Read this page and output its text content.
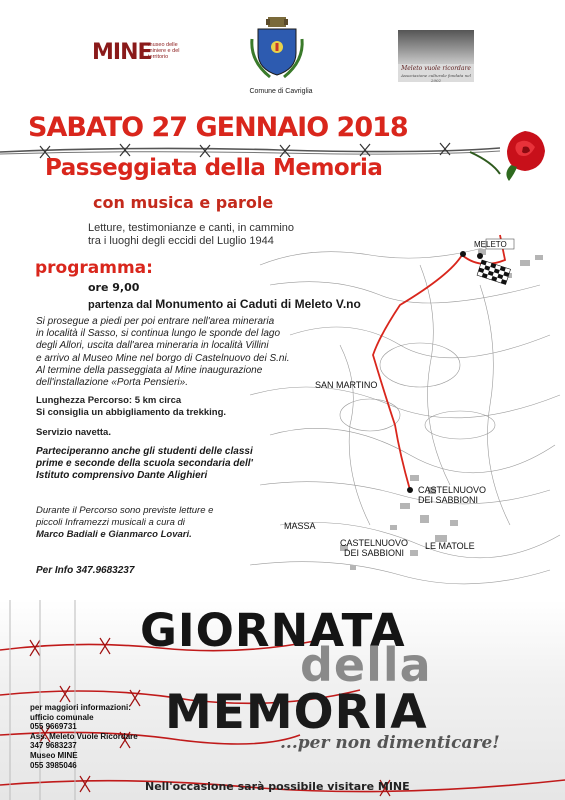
MINE
museo delle miniere e del territorio
Comune di Cavriglia
Meleto vuole ricordare
Associazione culturale fondata nel 2002
SABATO 27 GENNAIO 2018
Passeggiata della Memoria
con musica e parole
Letture, testimonianze e canti, in cammino
tra i luoghi degli eccidi del Luglio 1944	MELETO
SAN MARTINO
CASTELNUOVO
DEI SABBIONI
MASSA
CASTELNUOVO
DEI SABBIONI
LE MATOLE
programma:
ore 9,00
partenza dal Monumento ai Caduti di Meleto V.no
Si prosegue a piedi per poi entrare nell'area mineraria
in località il Sasso, si continua lungo le sponde del lago
degli Allori, uscita dall'area mineraria in località Villini
e arrivo al Museo Mine nel borgo di Castelnuovo dei S.ni.
Al termine della passeggiata al Mine inaugurazione
dell'installazione «Porta Pensieri».
Lunghezza Percorso: 5 km circa
Si consiglia un abbigliamento da trekking.
Servizio navetta.
Parteciperanno anche gli studenti delle classi
prime e seconde della scuola secondaria dell'
Istituto comprensivo Dante Alighieri
Durante il Percorso sono previste letture e
piccoli Inframezzi musicali a cura di
Marco Badiali e Gianmarco Lovari.
Per Info 347.9683237
GIORNATA
della
MEMORIA
...per non dimenticare!
per maggiori informazioni:
ufficio comunale
055 9669731
Ass. Meleto Vuole Ricordare
347 9683237
Museo MINE
055 3985046
Nell'occasione sarà possibile visitare MINE
